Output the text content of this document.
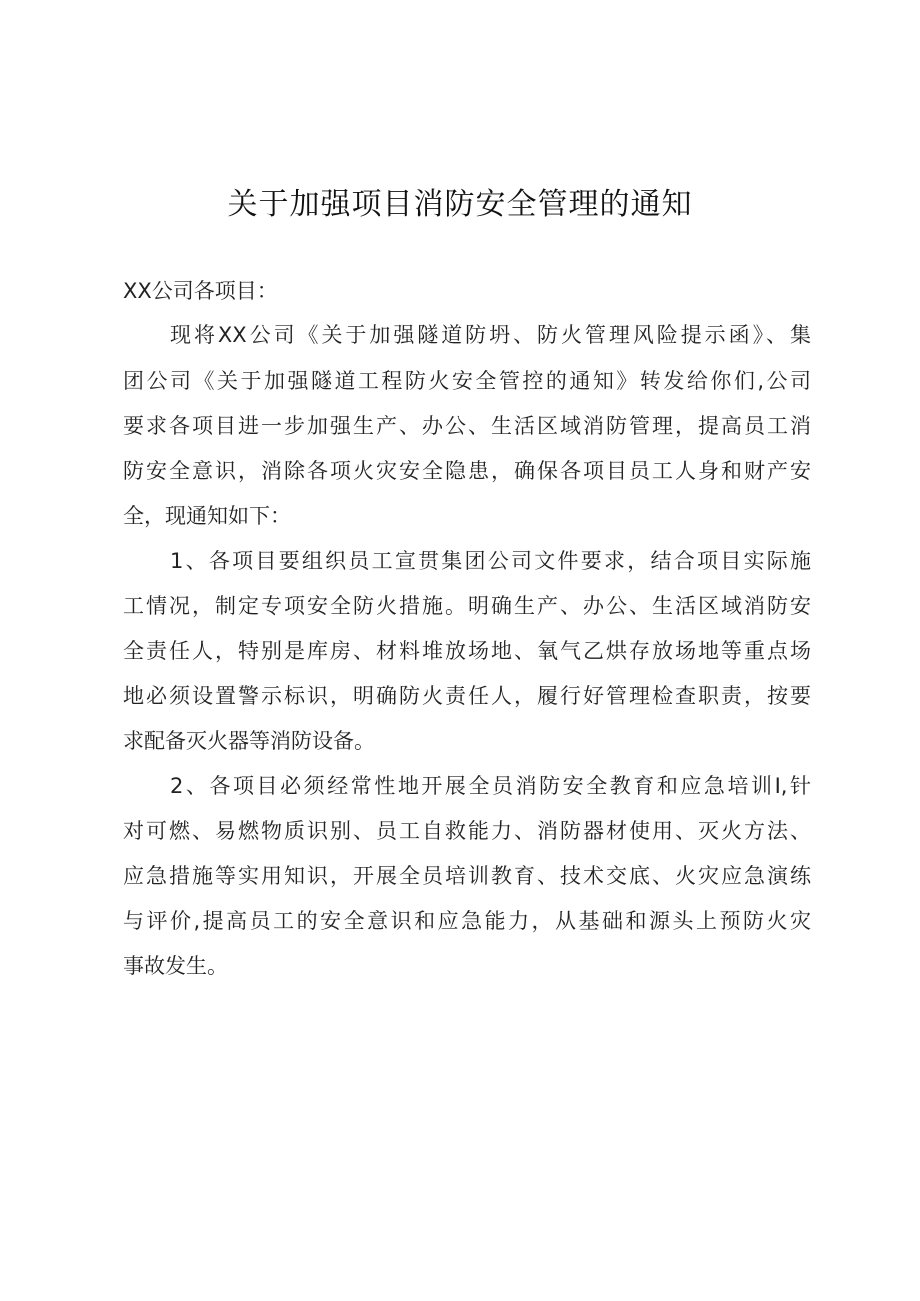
关于加强项目消防安全管理的通知

XX公司各项目：

现将XX公司《关于加强隧道防坍、防火管理风险提示函》、集

团公司《关于加强隧道工程防火安全管控的通知》转发给你们,公司

要求各项目进一步加强生产、办公、生活区域消防管理，提高员工消

防安全意识，消除各项火灾安全隐患，确保各项目员工人身和财产安

全，现通知如下：

1、各项目要组织员工宣贯集团公司文件要求，结合项目实际施

工情况，制定专项安全防火措施。明确生产、办公、生活区域消防安

全责任人，特别是库房、材料堆放场地、氧气乙烘存放场地等重点场

地必须设置警示标识，明确防火责任人，履行好管理检查职责，按要

求配备灭火器等消防设备。

2、各项目必须经常性地开展全员消防安全教育和应急培训I,针

对可燃、易燃物质识别、员工自救能力、消防器材使用、灭火方法、

应急措施等实用知识，开展全员培训教育、技术交底、火灾应急演练

与评价,提高员工的安全意识和应急能力，从基础和源头上预防火灾

事故发生。
